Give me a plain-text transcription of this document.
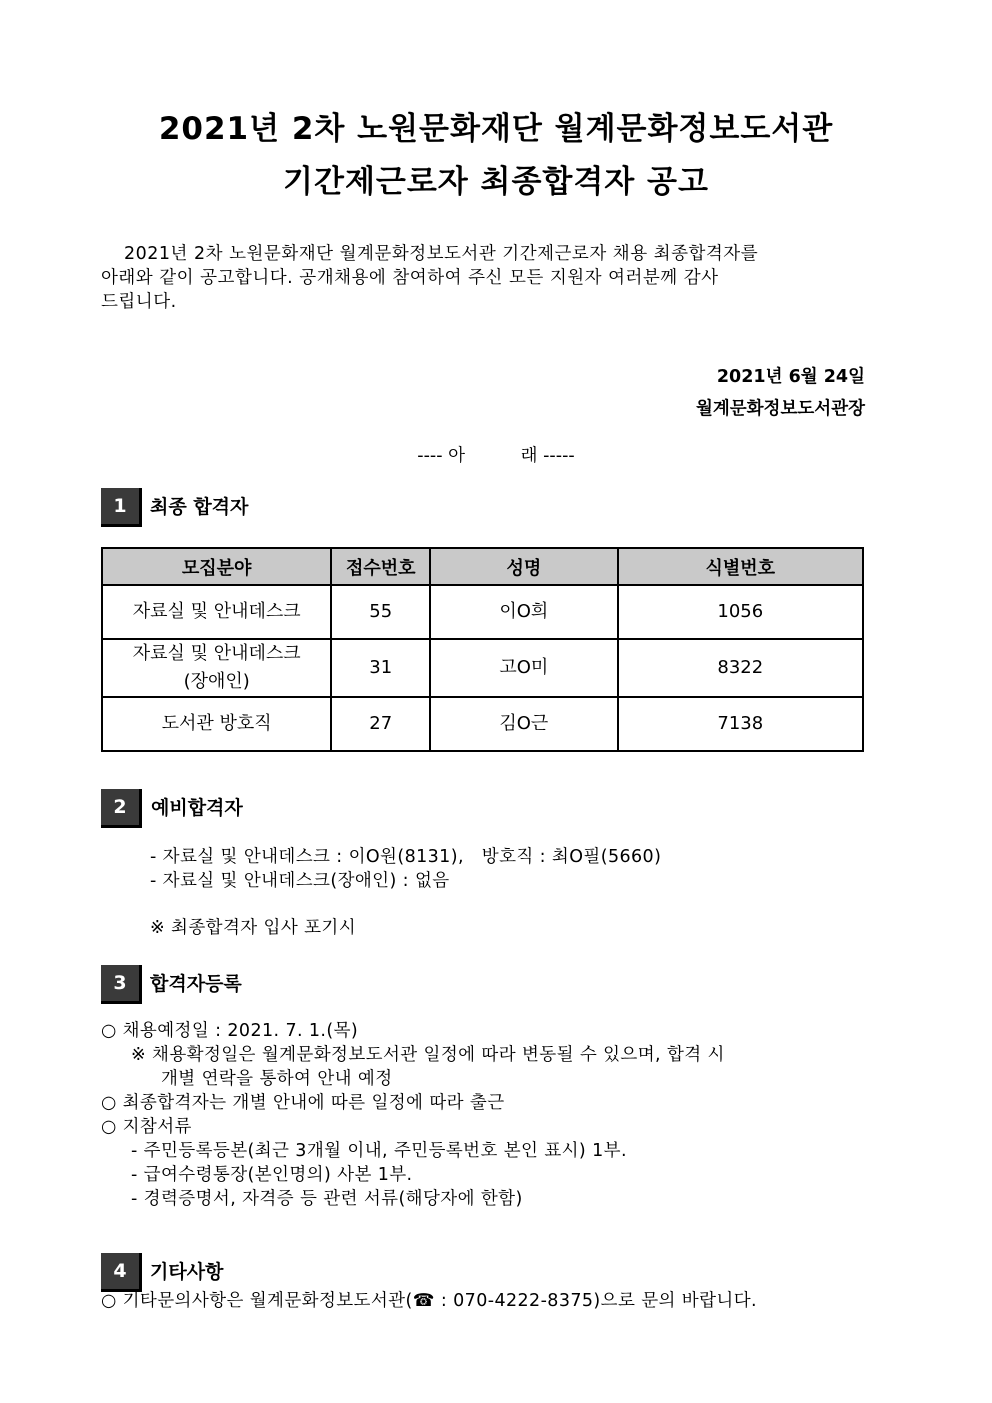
2021년 2차 노원문화재단 월계문화정보도서관
기간제근로자 최종합격자 공고
2021년 2차 노원문화재단 월계문화정보도서관 기간제근로자 채용 최종합격자를
아래와 같이 공고합니다. 공개채용에 참여하여 주신 모든 지원자 여러분께 감사
드립니다.
2021년 6월 24일
월계문화정보도서관장
---- 아          래 -----
1	최종 합격자
모집분야	접수번호	성명	식별번호
자료실 및 안내데스크	55	이O희	1056

자료실 및 안내데스크
(장애인)	31	고O미	8322
도서관 방호직	27	김O근	7138
2	예비합격자
- 자료실 및 안내데스크 : 이O원(8131),   방호직 : 최O필(5660)
- 자료실 및 안내데스크(장애인) : 없음
※ 최종합격자 입사 포기시
3	합격자등록
○ 채용예정일 : 2021. 7. 1.(목)
※ 채용확정일은 월계문화정보도서관 일정에 따라 변동될 수 있으며, 합격 시
개별 연락을 통하여 안내 예정
○ 최종합격자는 개별 안내에 따른 일정에 따라 출근
○ 지참서류
- 주민등록등본(최근 3개월 이내, 주민등록번호 본인 표시) 1부.
- 급여수령통장(본인명의) 사본 1부.
- 경력증명서, 자격증 등 관련 서류(해당자에 한함)
4	기타사항
○ 기타문의사항은 월계문화정보도서관(☎ : 070-4222-8375)으로 문의 바랍니다.
